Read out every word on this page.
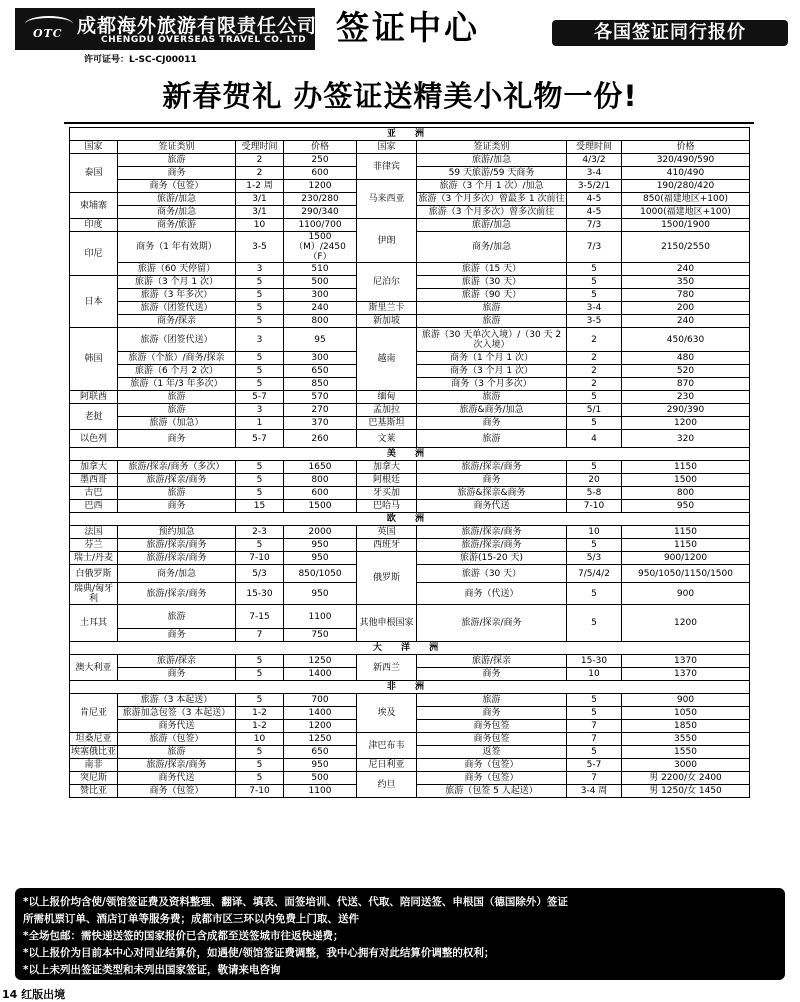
OTC 成都海外旅游有限责任公司
CHENGDU OVERSEAS TRAVEL CO. LTD
许可证号：L-SC-CJ00011
签证中心	各国签证同行报价
新春贺礼 办签证送精美小礼物一份!
亚 洲							
国家	签证类别	受理时间	价格	国家	签证类别	受理时间	价格
泰国	旅游	2	250	菲律宾	旅游/加急	4/3/2	320/490/590
	商务	2	600		59 天旅游/59 天商务	3-4	410/490
	商务（包签）	1-2 周	1200	马来西亚	旅游（3 个月 1 次）/加急	3-5/2/1	190/280/420
柬埔寨	旅游/加急	3/1	230/280		旅游（3 个月多次）曾最多 1 次前往	4-5	850(福建地区+100)
	商务/加急	3/1	290/340		旅游（3 个月多次）曾多次前往	4-5	1000(福建地区+100)
印度	商务/旅游	10	1100/700	伊朗	旅游/加急	7/3	1500/1900
印尼	商务（1 年有效期）	3-5	1500（M）/2450（F）		商务/加急	7/3	2150/2550
	旅游（60 天停留）	3	510	尼泊尔	旅游（15 天）	5	240
日本	旅游（3 个月 1 次）	5	500		旅游（30 天）	5	350
	旅游（3 年多次）	5	300		旅游（90 天）	5	780
	旅游（团签代送）	5	240	斯里兰卡	旅游	3-4	200
	商务/探亲	5	800	新加坡	旅游	3-5	240
韩国	旅游（团签代送）	3	95	越南	旅游（30 天单次入境）/（30 天 2 次入境）	2	450/630
	旅游（个旅）/商务/探亲	5	300		商务（1 个月 1 次）	2	480
	旅游（6 个月 2 次）	5	650		商务（3 个月 1 次）	2	520
	旅游（1 年/3 年多次）	5	850		商务（3 个月多次）	2	870
阿联酋	旅游	5-7	570	缅甸	旅游	5	230
老挝	旅游	3	270	孟加拉	旅游&商务/加急	5/1	290/390
	旅游（加急）	1	370	巴基斯坦	商务	5	1200
以色列	商务	5-7	260	文莱	旅游	4	320
美 洲							
加拿大	旅游/探亲/商务（多次）	5	1650	加拿大	旅游/探亲/商务	5	1150
墨西哥	旅游/探亲/商务	5	800	阿根廷	商务	20	1500
古巴	旅游	5	600	牙买加	旅游&探亲&商务	5-8	800
巴西	商务	15	1500	巴哈马	商务代送	7-10	950
欧 洲							
法国	预约加急	2-3	2000	英国	旅游/探亲/商务	10	1150
芬兰	旅游/探亲/商务	5	950	西班牙	旅游/探亲/商务	5	1150
瑞士/丹麦	旅游/探亲/商务	7-10	950	俄罗斯	旅游(15-20 天)	5/3	900/1200
白俄罗斯	商务/加急	5/3	850/1050		旅游（30 天）	7/5/4/2	950/1050/1150/1500
瑞典/匈牙利	旅游/探亲/商务	15-30	950		商务（代送）	5	900
土耳其	旅游	7-15	1100	其他申根国家	旅游/探亲/商务	5	1200
	商务	7	750				
大 洋 洲							
澳大利亚	旅游/探亲	5	1250	新西兰	旅游/探亲	15-30	1370
	商务	5	1400		商务	10	1370
非 洲							
肯尼亚	旅游（3 本起送）	5	700	埃及	旅游	5	900
	旅游加急包签（3 本起送）	1-2	1400		商务	5	1050
	商务代送	1-2	1200		商务包签	7	1850
坦桑尼亚	旅游（包签）	10	1250	津巴布韦	商务包签	7	3550
埃塞俄比亚	旅游	5	650		返签	5	1550
南非	旅游/探亲/商务	5	950	尼日利亚	商务（包签）	5-7	3000
突尼斯	商务代送	5	500	约旦	商务（包签）	7	男 2200/女 2400
赞比亚	商务（包签）	7-10	1100		旅游（包签 5 人起送）	3-4 周	男 1250/女 1450
*以上报价均含使/领馆签证费及资料整理、翻译、填表、面签培训、代送、代取、陪同送签、申根国（德国除外）签证
所需机票订单、酒店订单等服务费；成都市区三环以内免费上门取、送件
*全场包邮：需快递送签的国家报价已含成都至送签城市往返快递费；
*以上报价为目前本中心对同业结算价，如遇使/领馆签证费调整，我中心拥有对此结算价调整的权利；
*以上未列出签证类型和未列出国家签证，敬请来电咨询
14 红版出境
